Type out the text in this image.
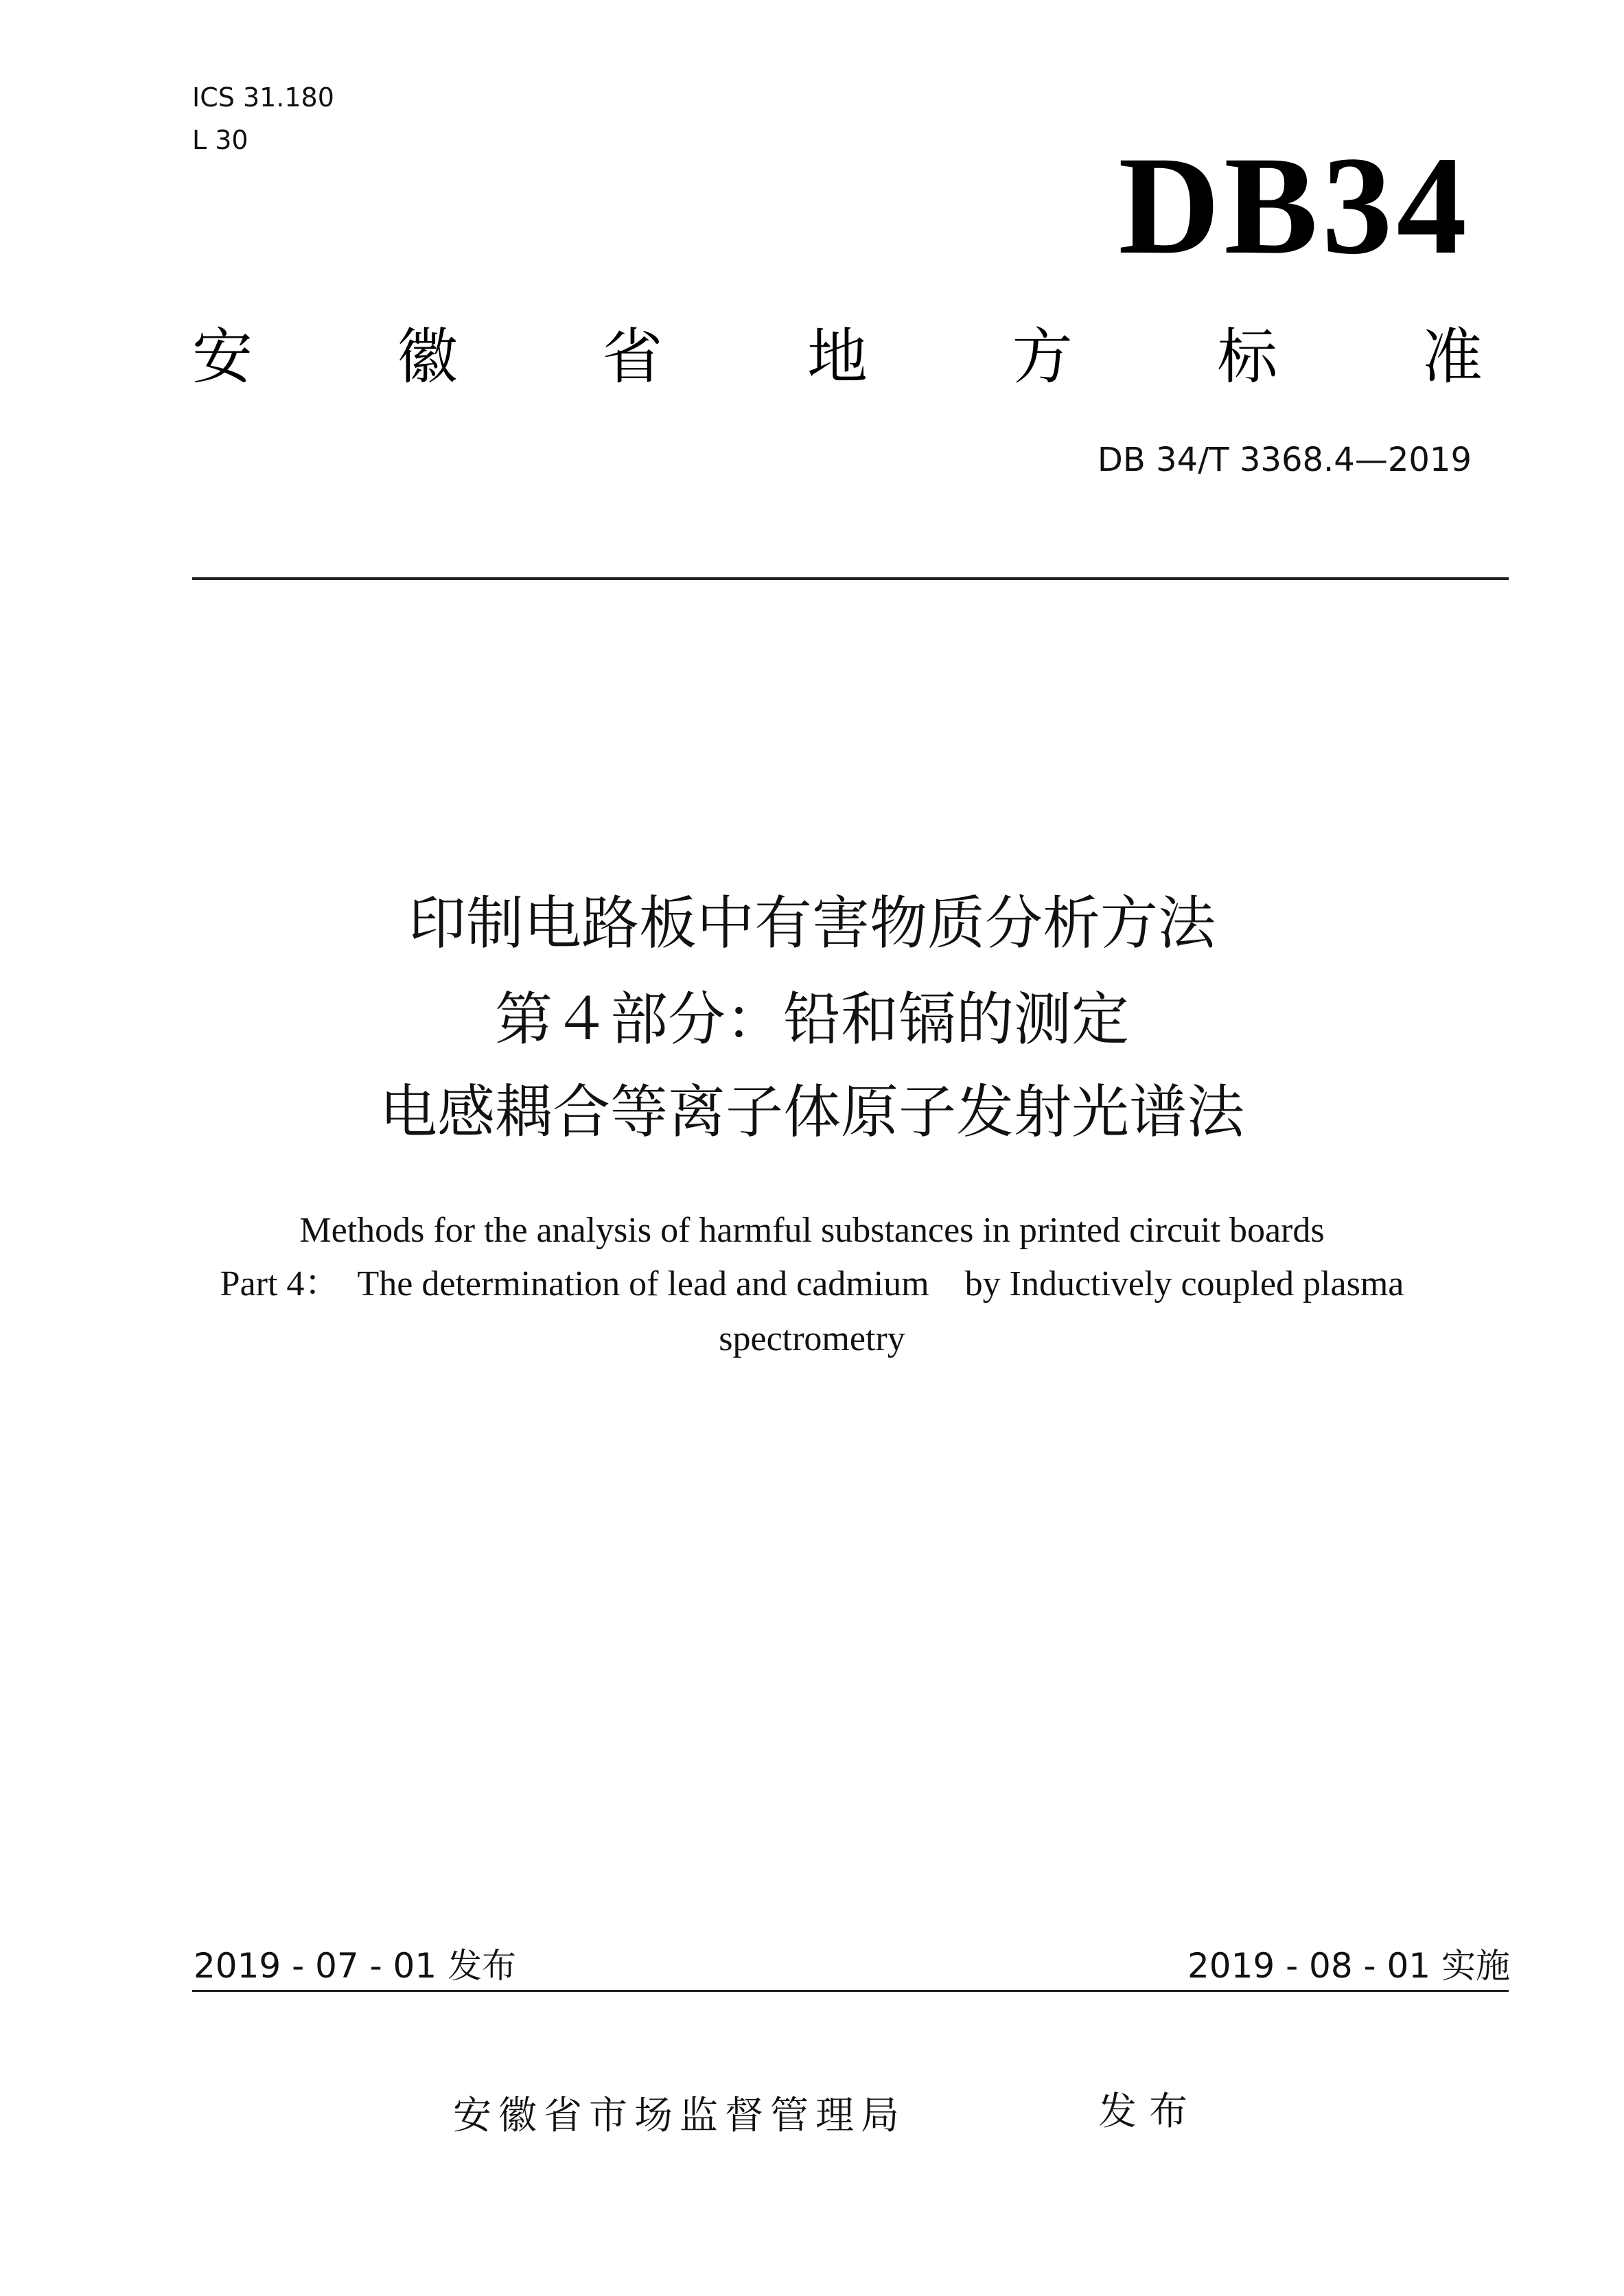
ICS 31.180
L 30	DB34
安 徽 省 地 方 标 准
DB 34/T 3368.4—2019
印制电路板中有害物质分析方法
第４部分：铅和镉的测定
电感耦合等离子体原子发射光谱法
Methods for the analysis of harmful substances in printed circuit boards
Part 4：  The determination of lead and cadmium    by Inductively coupled plasma
spectrometry
2019 - 07 - 01 发布	2019 - 08 - 01 实施
安徽省市场监督管理局	发布
